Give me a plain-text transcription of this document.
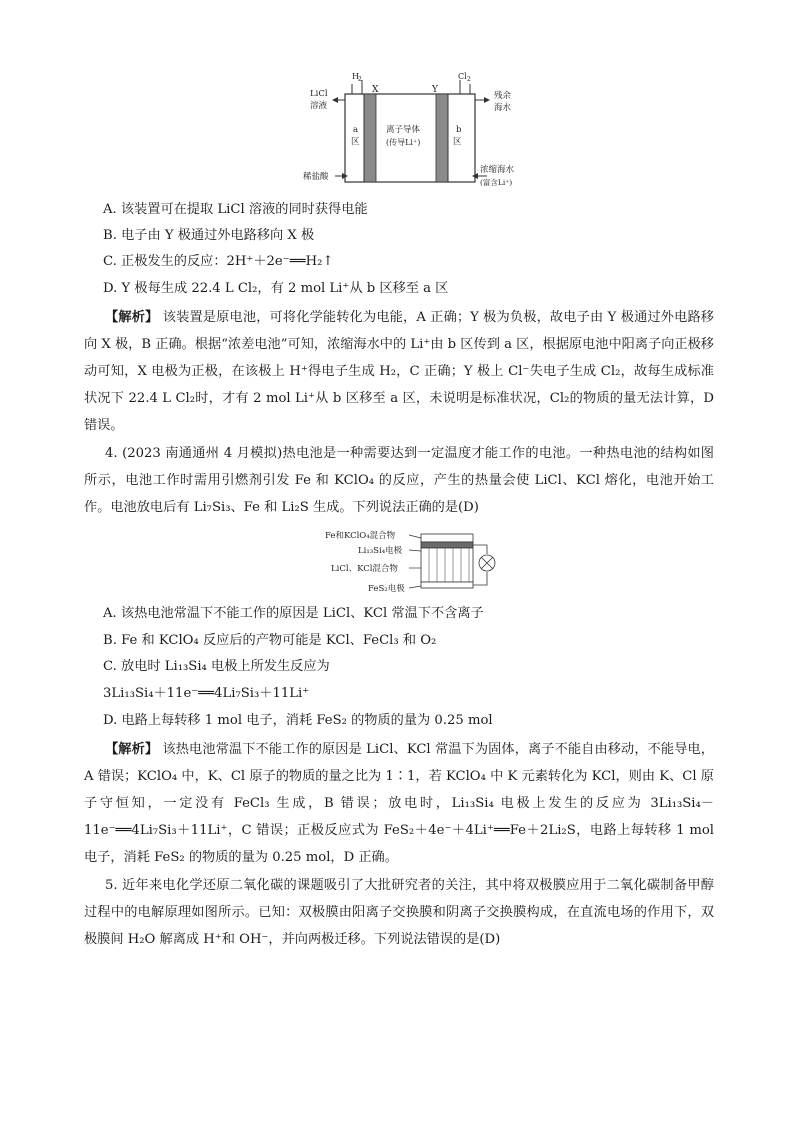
H 2
X	Y
Cl 2
LiCl
溶液
a
区
b
区
离子导体
(传导Li⁺)
稀盐酸
残余
海水
浓缩海水
(富含Li⁺)
A. 该装置可在提取 LiCl 溶液的同时获得电能
B. 电子由 Y 极通过外电路移向 X 极
C. 正极发生的反应：2H⁺＋2e⁻══H₂↑
D. Y 极每生成 22.4 L Cl₂，有 2 mol Li⁺从 b 区移至 a 区
【解析】 该装置是原电池，可将化学能转化为电能，A 正确；Y 极为负极，故电子由 Y 极通过外电路移向 X 极，B 正确。根据“浓差电池”可知，浓缩海水中的 Li⁺由 b 区传到 a 区，根据原电池中阳离子向正极移动可知，X 电极为正极，在该极上 H⁺得电子生成 H₂，C 正确；Y 极上 Cl⁻失电子生成 Cl₂，故每生成标准状况下 22.4 L Cl₂时，才有 2 mol Li⁺从 b 区移至 a 区，未说明是标准状况，Cl₂的物质的量无法计算，D 错误。
4. (2023 南通通州 4 月模拟)热电池是一种需要达到一定温度才能工作的电池。一种热电池的结构如图所示，电池工作时需用引燃剂引发 Fe 和 KClO₄ 的反应，产生的热量会使 LiCl、KCl 熔化，电池开始工作。电池放电后有 Li₇Si₃、Fe 和 Li₂S 生成。下列说法正确的是(D)
Fe和KClO₄混合物
Li₁₃Si₄电极
LiCl、KCl混合物
FeS₂电极
A. 该热电池常温下不能工作的原因是 LiCl、KCl 常温下不含离子
B. Fe 和 KClO₄ 反应后的产物可能是 KCl、FeCl₃ 和 O₂
C. 放电时 Li₁₃Si₄ 电极上所发生反应为
3Li₁₃Si₄＋11e⁻══4Li₇Si₃＋11Li⁺
D. 电路上每转移 1 mol 电子，消耗 FeS₂ 的物质的量为 0.25 mol
【解析】 该热电池常温下不能工作的原因是 LiCl、KCl 常温下为固体，离子不能自由移动，不能导电，A 错误；KClO₄ 中，K、Cl 原子的物质的量之比为 1∶1，若 KClO₄ 中 K 元素转化为 KCl，则由 K、Cl 原子守恒知，一定没有 FeCl₃ 生成，B 错误；放电时，Li₁₃Si₄ 电极上发生的反应为 3Li₁₃Si₄－11e⁻══4Li₇Si₃＋11Li⁺，C 错误；正极反应式为 FeS₂＋4e⁻＋4Li⁺══Fe＋2Li₂S，电路上每转移 1 mol 电子，消耗 FeS₂ 的物质的量为 0.25 mol，D 正确。
5. 近年来电化学还原二氧化碳的课题吸引了大批研究者的关注，其中将双极膜应用于二氧化碳制备甲醇过程中的电解原理如图所示。已知：双极膜由阳离子交换膜和阴离子交换膜构成，在直流电场的作用下，双极膜间 H₂O 解离成 H⁺和 OH⁻，并向两极迁移。下列说法错误的是(D)
